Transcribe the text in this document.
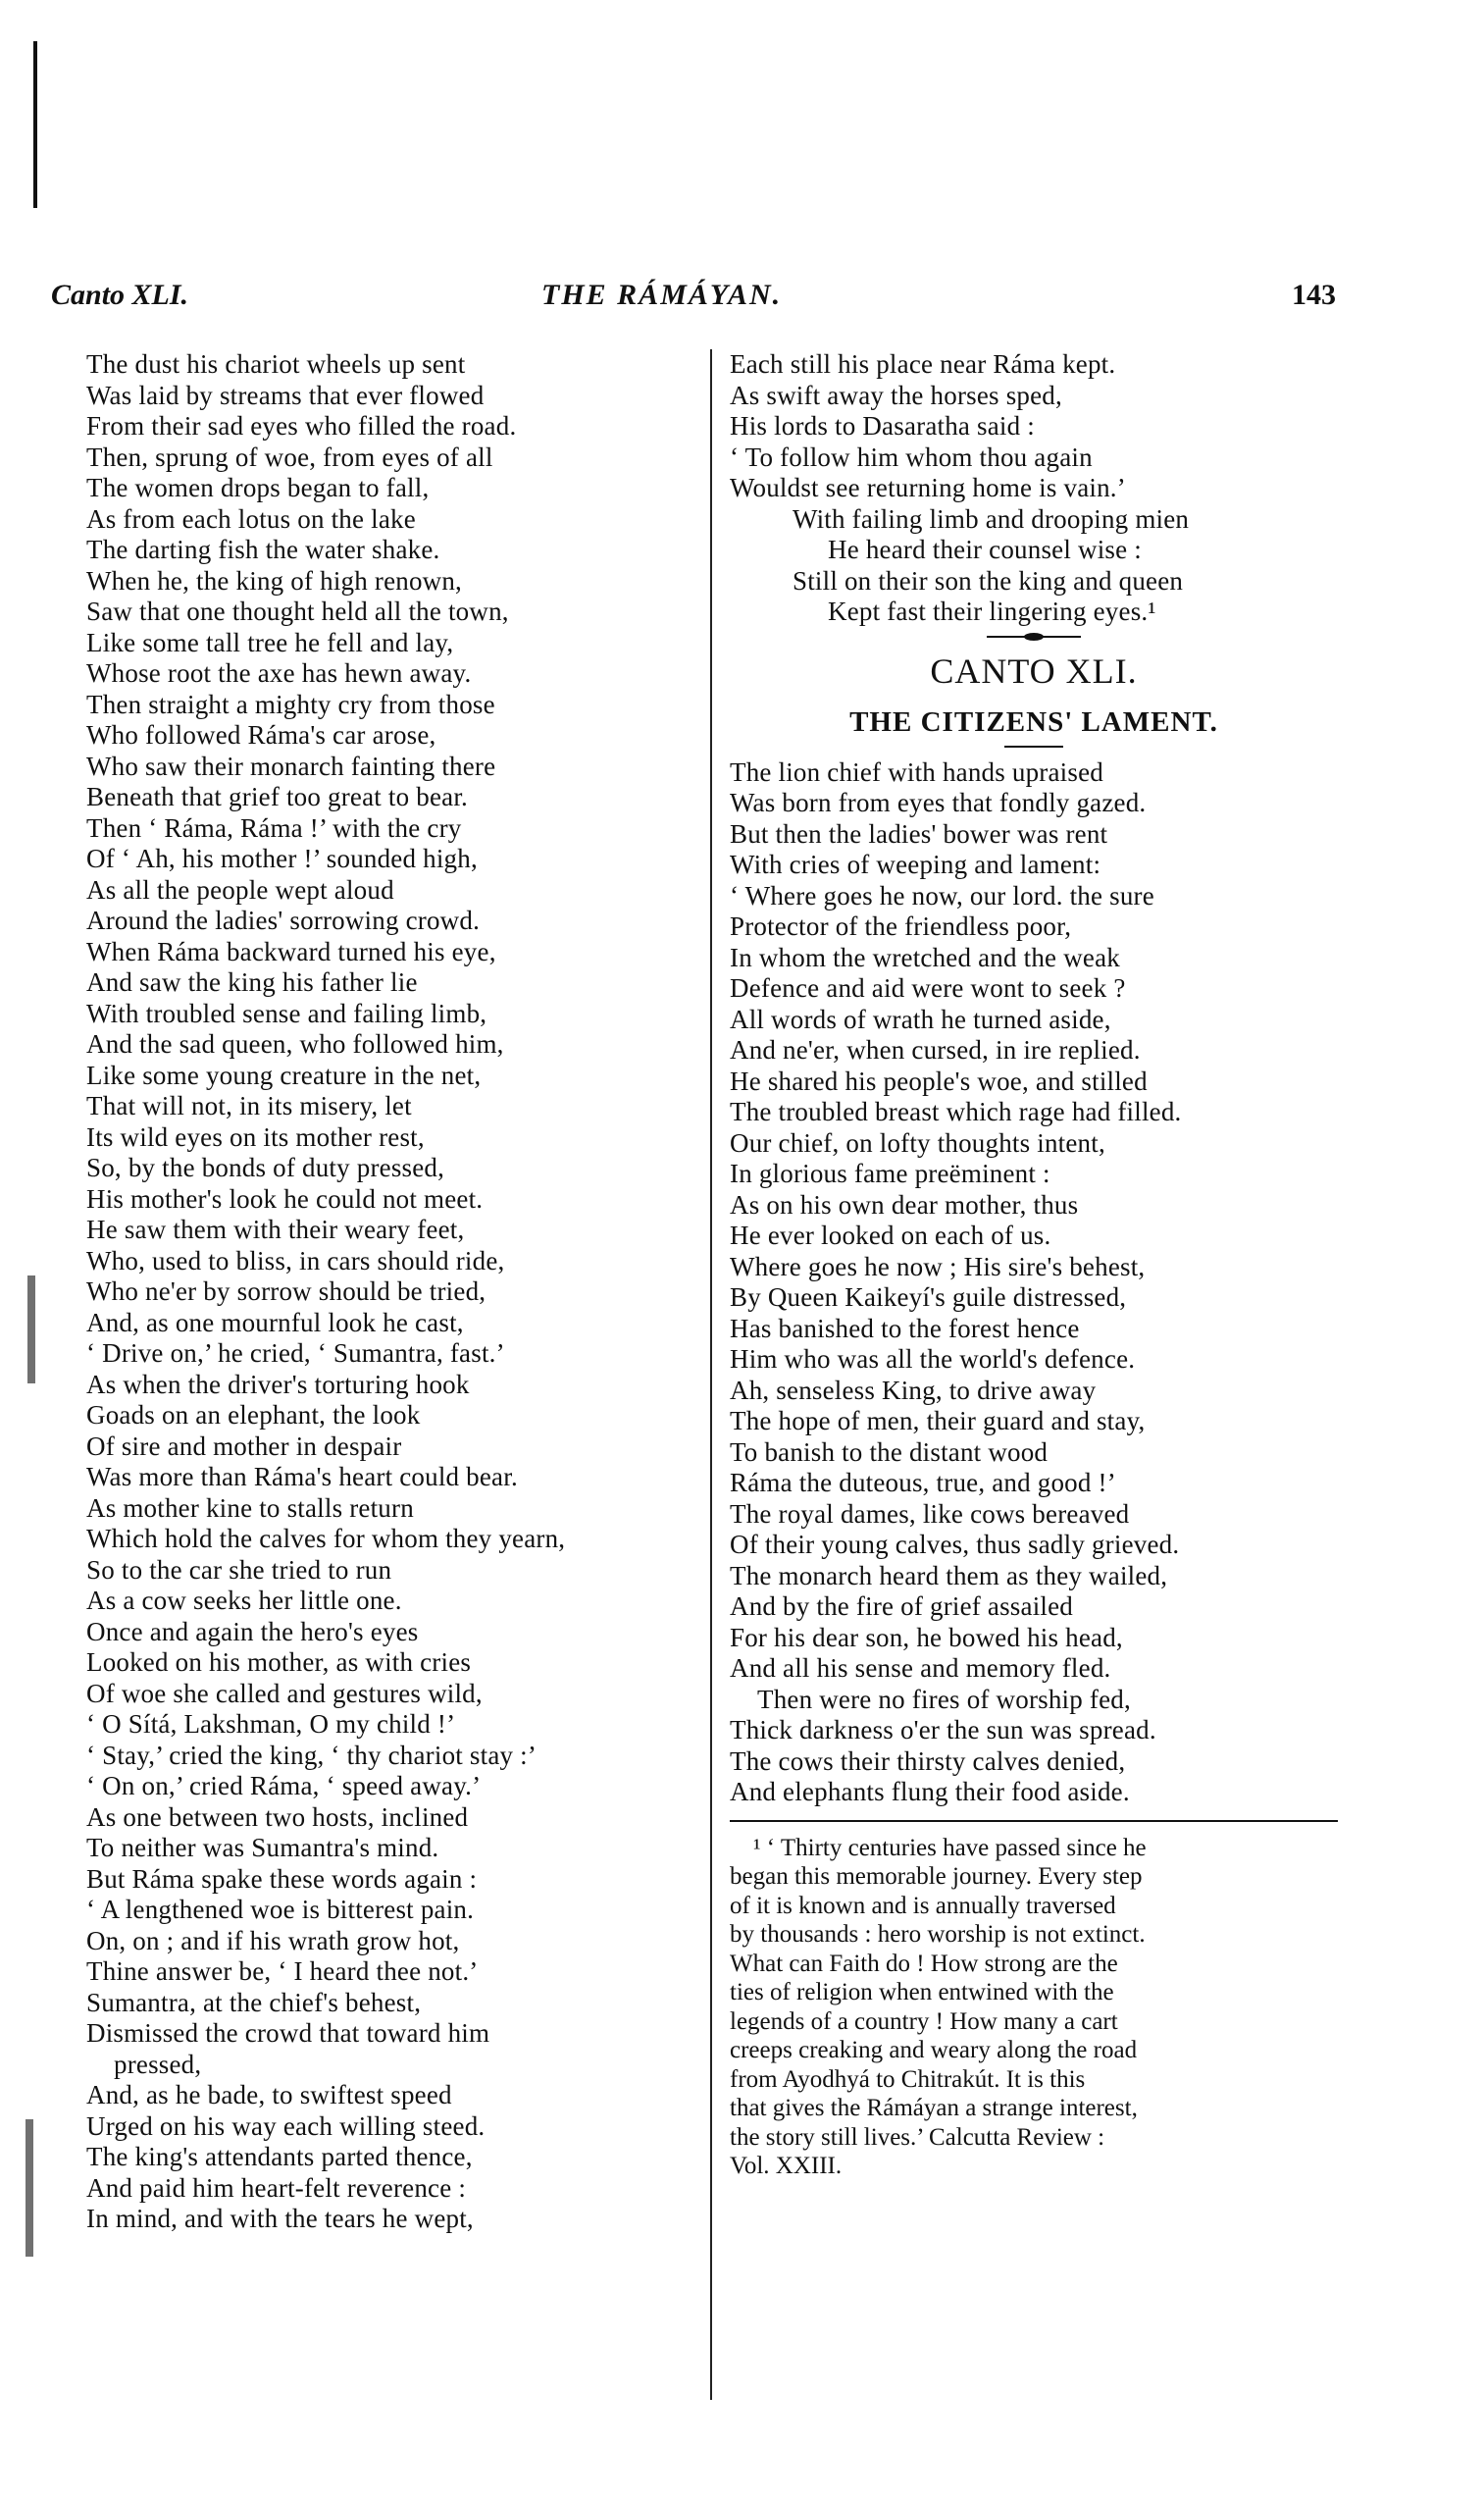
Canto XLI.	THE RÁMÁYAN.	143
The dust his chariot wheels up sent
Was laid by streams that ever flowed
From their sad eyes who filled the road.
Then, sprung of woe, from eyes of all
The women drops began to fall,
As from each lotus on the lake
The darting fish the water shake.
When he, the king of high renown,
Saw that one thought held all the town,
Like some tall tree he fell and lay,
Whose root the axe has hewn away.
Then straight a mighty cry from those
Who followed Ráma's car arose,
Who saw their monarch fainting there
Beneath that grief too great to bear.
Then ‘ Ráma, Ráma !’ with the cry
Of ‘ Ah, his mother !’ sounded high,
As all the people wept aloud
Around the ladies' sorrowing crowd.
When Ráma backward turned his eye,
And saw the king his father lie
With troubled sense and failing limb,
And the sad queen, who followed him,
Like some young creature in the net,
That will not, in its misery, let
Its wild eyes on its mother rest,
So, by the bonds of duty pressed,
His mother's look he could not meet.
He saw them with their weary feet,
Who, used to bliss, in cars should ride,
Who ne'er by sorrow should be tried,
And, as one mournful look he cast,
‘ Drive on,’ he cried, ‘ Sumantra, fast.’
As when the driver's torturing hook
Goads on an elephant, the look
Of sire and mother in despair
Was more than Ráma's heart could bear.
As mother kine to stalls return
Which hold the calves for whom they yearn,
So to the car she tried to run
As a cow seeks her little one.
Once and again the hero's eyes
Looked on his mother, as with cries
Of woe she called and gestures wild,
‘ O Sítá, Lakshman, O my child !’
‘ Stay,’ cried the king, ‘ thy chariot stay :’
‘ On on,’ cried Ráma, ‘ speed away.’
As one between two hosts, inclined
To neither was Sumantra's mind.
But Ráma spake these words again :
‘ A lengthened woe is bitterest pain.
On, on ; and if his wrath grow hot,
Thine answer be, ‘ I heard thee not.’
Sumantra, at the chief's behest,
Dismissed the crowd that toward him
pressed,
And, as he bade, to swiftest speed
Urged on his way each willing steed.
The king's attendants parted thence,
And paid him heart-felt reverence :
In mind, and with the tears he wept,
Each still his place near Ráma kept.
As swift away the horses sped,
His lords to Dasaratha said :
‘ To follow him whom thou again
Wouldst see returning home is vain.’
With failing limb and drooping mien
He heard their counsel wise :
Still on their son the king and queen
Kept fast their lingering eyes.¹
CANTO XLI.
THE CITIZENS' LAMENT.
The lion chief with hands upraised
Was born from eyes that fondly gazed.
But then the ladies' bower was rent
With cries of weeping and lament:
‘ Where goes he now, our lord. the sure
Protector of the friendless poor,
In whom the wretched and the weak
Defence and aid were wont to seek ?
All words of wrath he turned aside,
And ne'er, when cursed, in ire replied.
He shared his people's woe, and stilled
The troubled breast which rage had filled.
Our chief, on lofty thoughts intent,
In glorious fame preëminent :
As on his own dear mother, thus
He ever looked on each of us.
Where goes he now ; His sire's behest,
By Queen Kaikeyí's guile distressed,
Has banished to the forest hence
Him who was all the world's defence.
Ah, senseless King, to drive away
The hope of men, their guard and stay,
To banish to the distant wood
Ráma the duteous, true, and good !’
The royal dames, like cows bereaved
Of their young calves, thus sadly grieved.
The monarch heard them as they wailed,
And by the fire of grief assailed
For his dear son, he bowed his head,
And all his sense and memory fled.
Then were no fires of worship fed,
Thick darkness o'er the sun was spread.
The cows their thirsty calves denied,
And elephants flung their food aside.
¹ ‘ Thirty centuries have passed since he
began this memorable journey. Every step
of it is known and is annually traversed
by thousands : hero worship is not extinct.
What can Faith do ! How strong are the
ties of religion when entwined with the
legends of a country ! How many a cart
creeps creaking and weary along the road
from Ayodhyá to Chitrakút. It is this
that gives the Rámáyan a strange interest,
the story still lives.’ Calcutta Review :
Vol. XXIII.
